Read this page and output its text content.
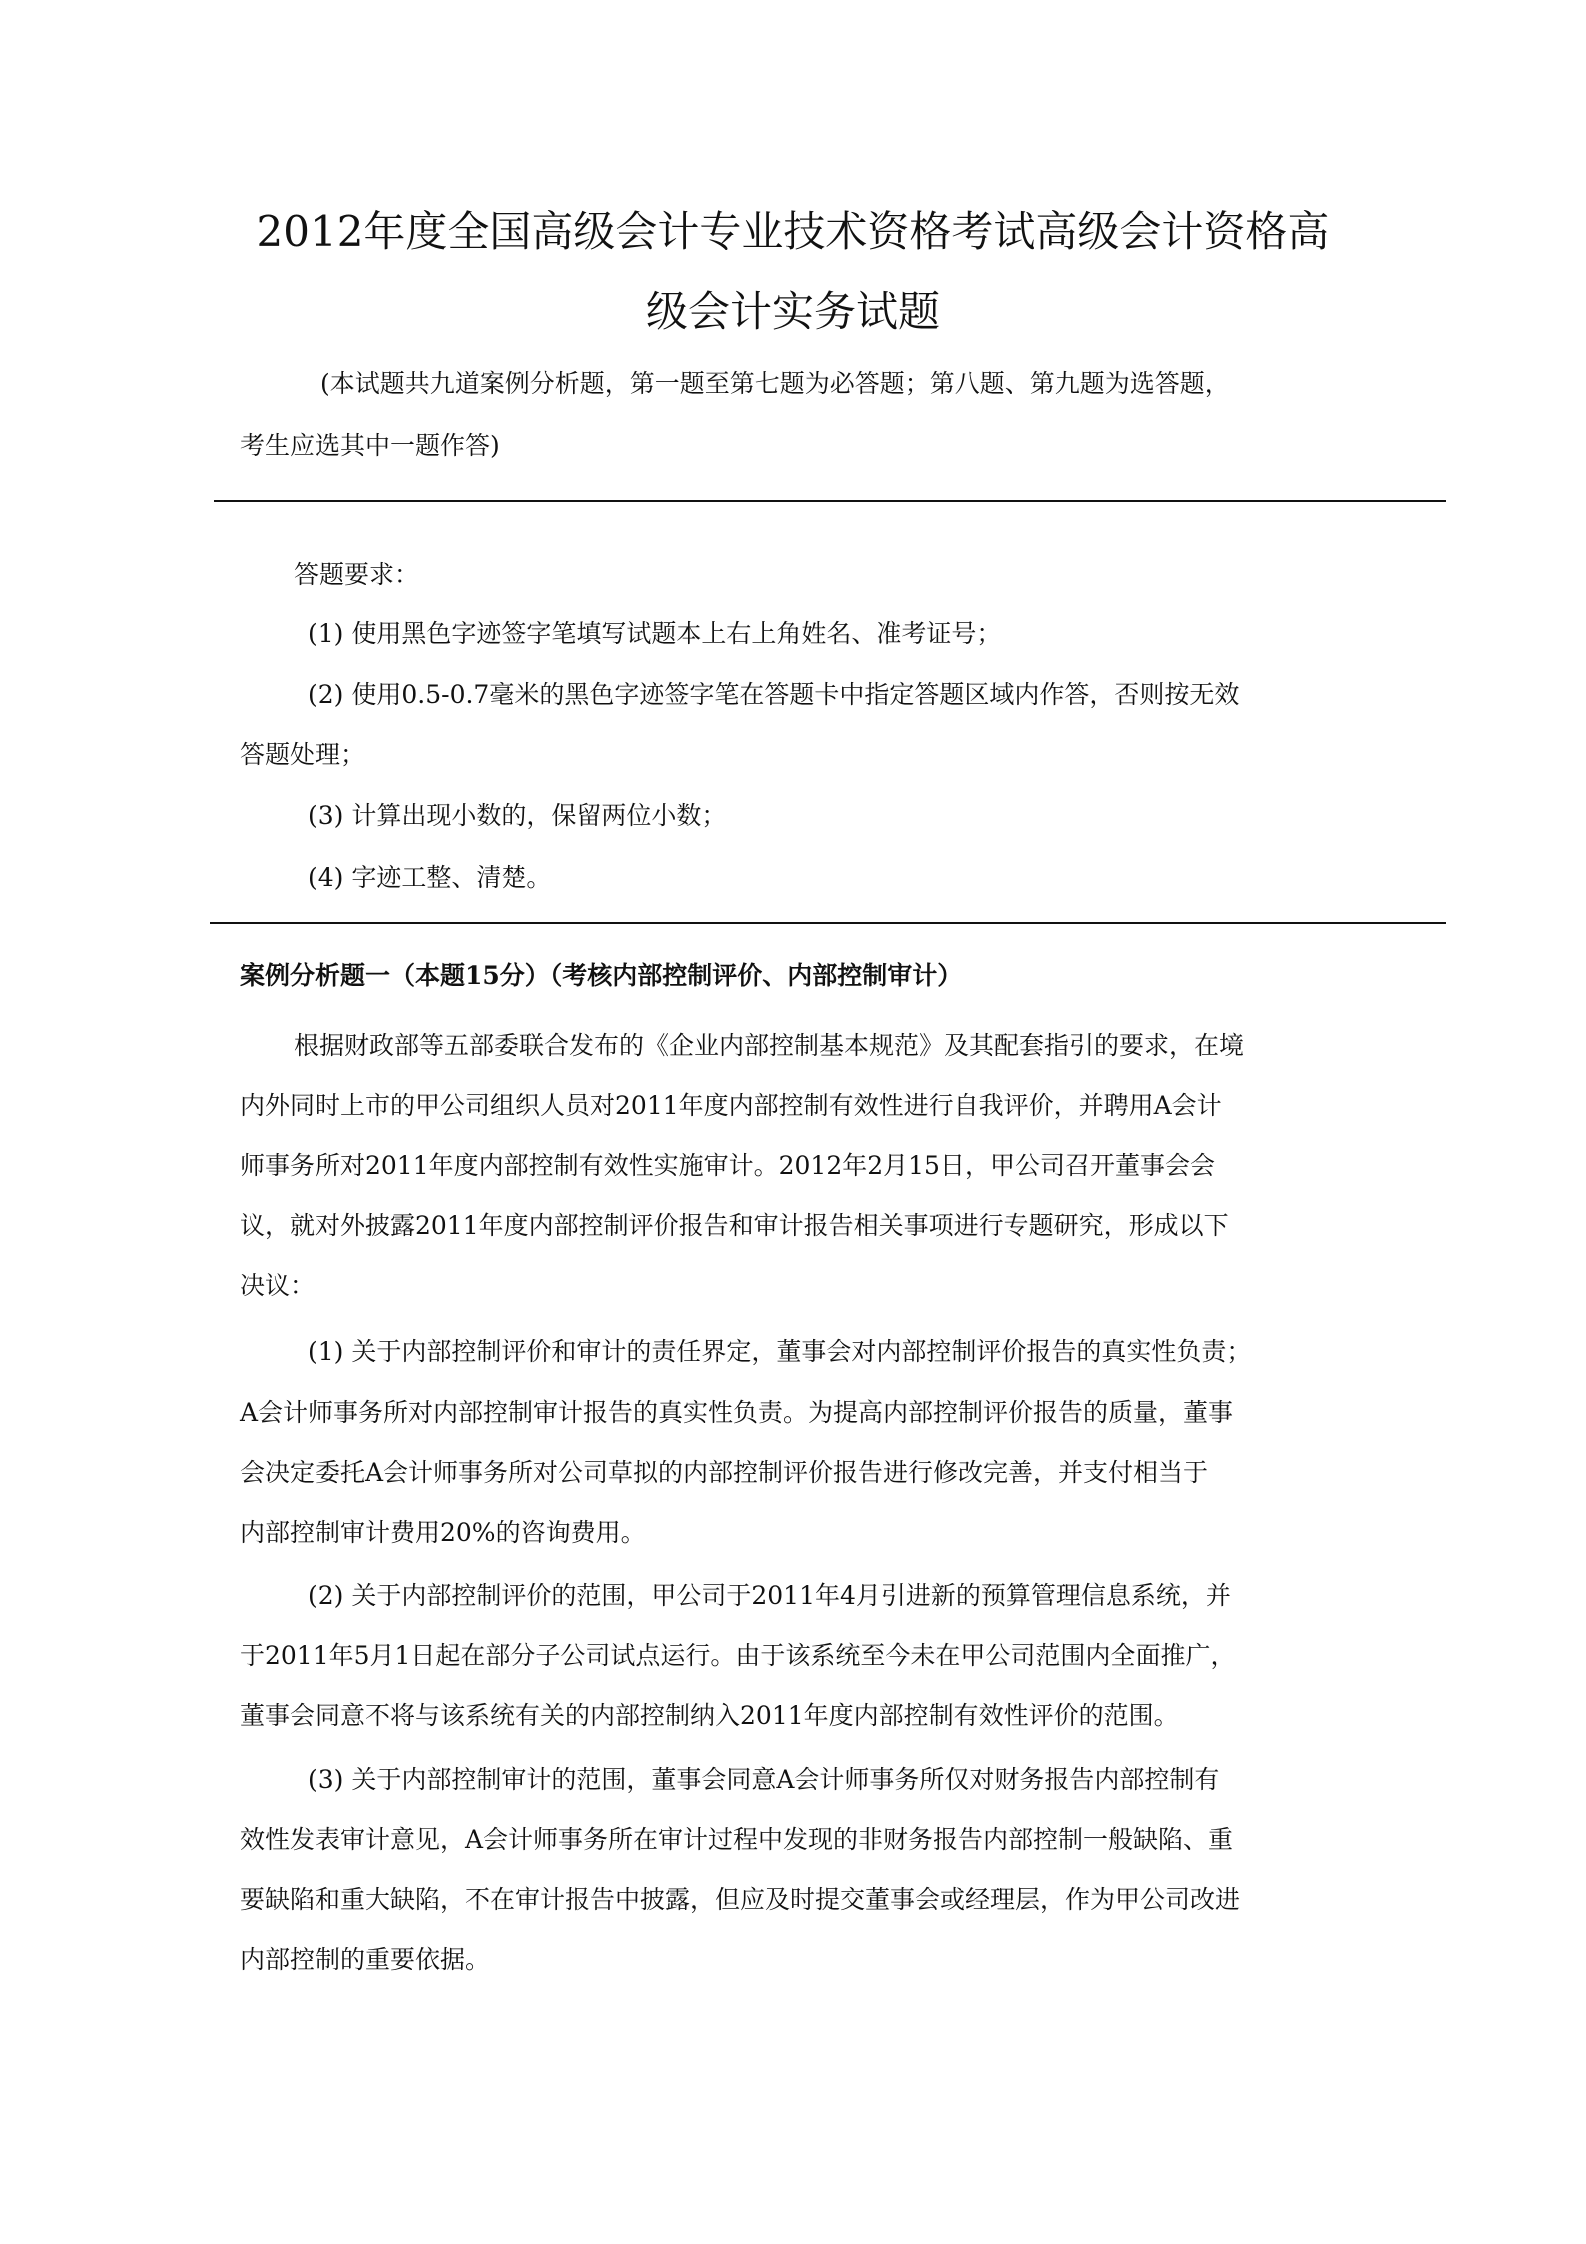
2012年度全国高级会计专业技术资格考试高级会计资格高
级会计实务试题
(本试题共九道案例分析题，第一题至第七题为必答题；第八题、第九题为选答题，
考生应选其中一题作答)
答题要求：
(1) 使用黑色字迹签字笔填写试题本上右上角姓名、准考证号；
(2) 使用0.5-0.7毫米的黑色字迹签字笔在答题卡中指定答题区域内作答，否则按无效
答题处理；
(3) 计算出现小数的，保留两位小数；
(4) 字迹工整、清楚。
案例分析题一（本题15分）（考核内部控制评价、内部控制审计）
根据财政部等五部委联合发布的《企业内部控制基本规范》及其配套指引的要求，在境
内外同时上市的甲公司组织人员对2011年度内部控制有效性进行自我评价，并聘用A会计
师事务所对2011年度内部控制有效性实施审计。2012年2月15日，甲公司召开董事会会
议，就对外披露2011年度内部控制评价报告和审计报告相关事项进行专题研究，形成以下
决议：
(1) 关于内部控制评价和审计的责任界定，董事会对内部控制评价报告的真实性负责；
A会计师事务所对内部控制审计报告的真实性负责。为提高内部控制评价报告的质量，董事
会决定委托A会计师事务所对公司草拟的内部控制评价报告进行修改完善，并支付相当于
内部控制审计费用20%的咨询费用。
(2) 关于内部控制评价的范围，甲公司于2011年4月引进新的预算管理信息系统，并
于2011年5月1日起在部分子公司试点运行。由于该系统至今未在甲公司范围内全面推广，
董事会同意不将与该系统有关的内部控制纳入2011年度内部控制有效性评价的范围。
(3) 关于内部控制审计的范围，董事会同意A会计师事务所仅对财务报告内部控制有
效性发表审计意见，A会计师事务所在审计过程中发现的非财务报告内部控制一般缺陷、重
要缺陷和重大缺陷，不在审计报告中披露，但应及时提交董事会或经理层，作为甲公司改进
内部控制的重要依据。
